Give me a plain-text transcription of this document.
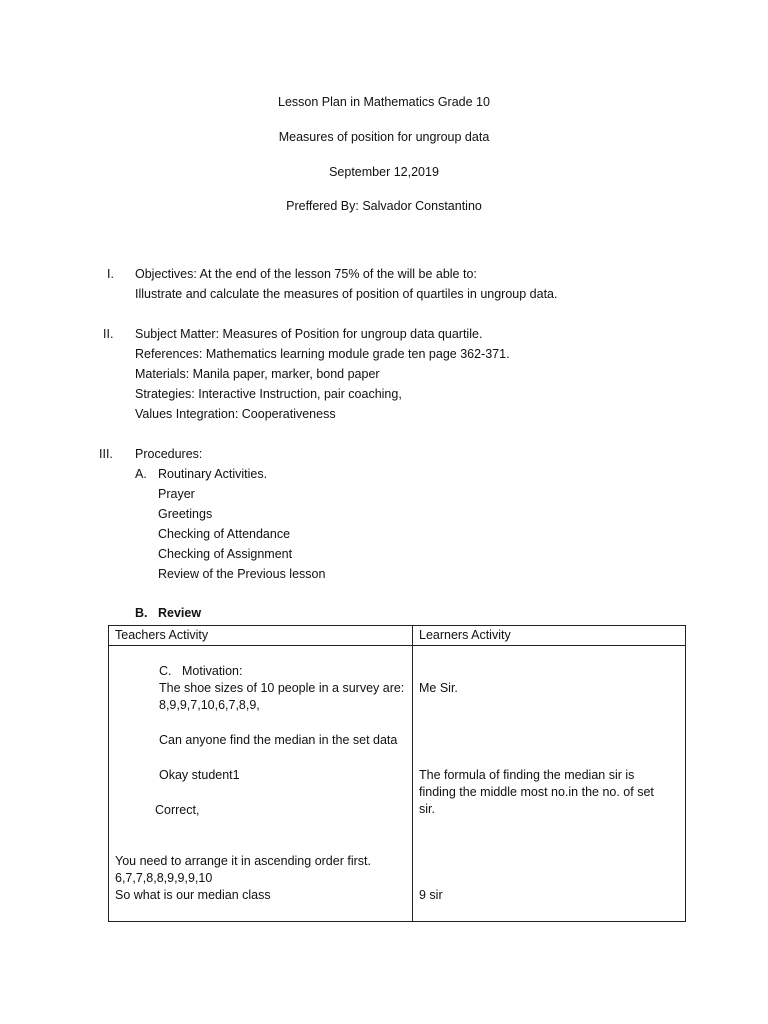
Lesson Plan in Mathematics Grade 10
Measures of position for ungroup data
September 12,2019
Preffered By: Salvador Constantino
I. Objectives: At the end of the lesson 75% of the will be able to:
Illustrate and calculate the measures of position of quartiles in ungroup data.
II. Subject Matter: Measures of Position for ungroup data quartile.
References: Mathematics learning module grade ten page 362-371.
Materials: Manila paper, marker, bond paper
Strategies: Interactive Instruction, pair coaching,
Values Integration: Cooperativeness
III. Procedures:
A. Routinary Activities.
Prayer
Greetings
Checking of Attendance
Checking of Assignment
Review of the Previous lesson
B. Review
Teachers Activity	Learners Activity
C. Motivation:
The shoe sizes of 10 people in a survey are:
8,9,9,7,10,6,7,8,9,
Can anyone find the median in the set data
Okay student1
Correct,
You need to arrange it in ascending order first.
6,7,7,8,8,9,9,9,10
So what is our median class
Me Sir.
The formula of finding the median sir is
finding the middle most no.in the no. of set
sir.
9 sir
